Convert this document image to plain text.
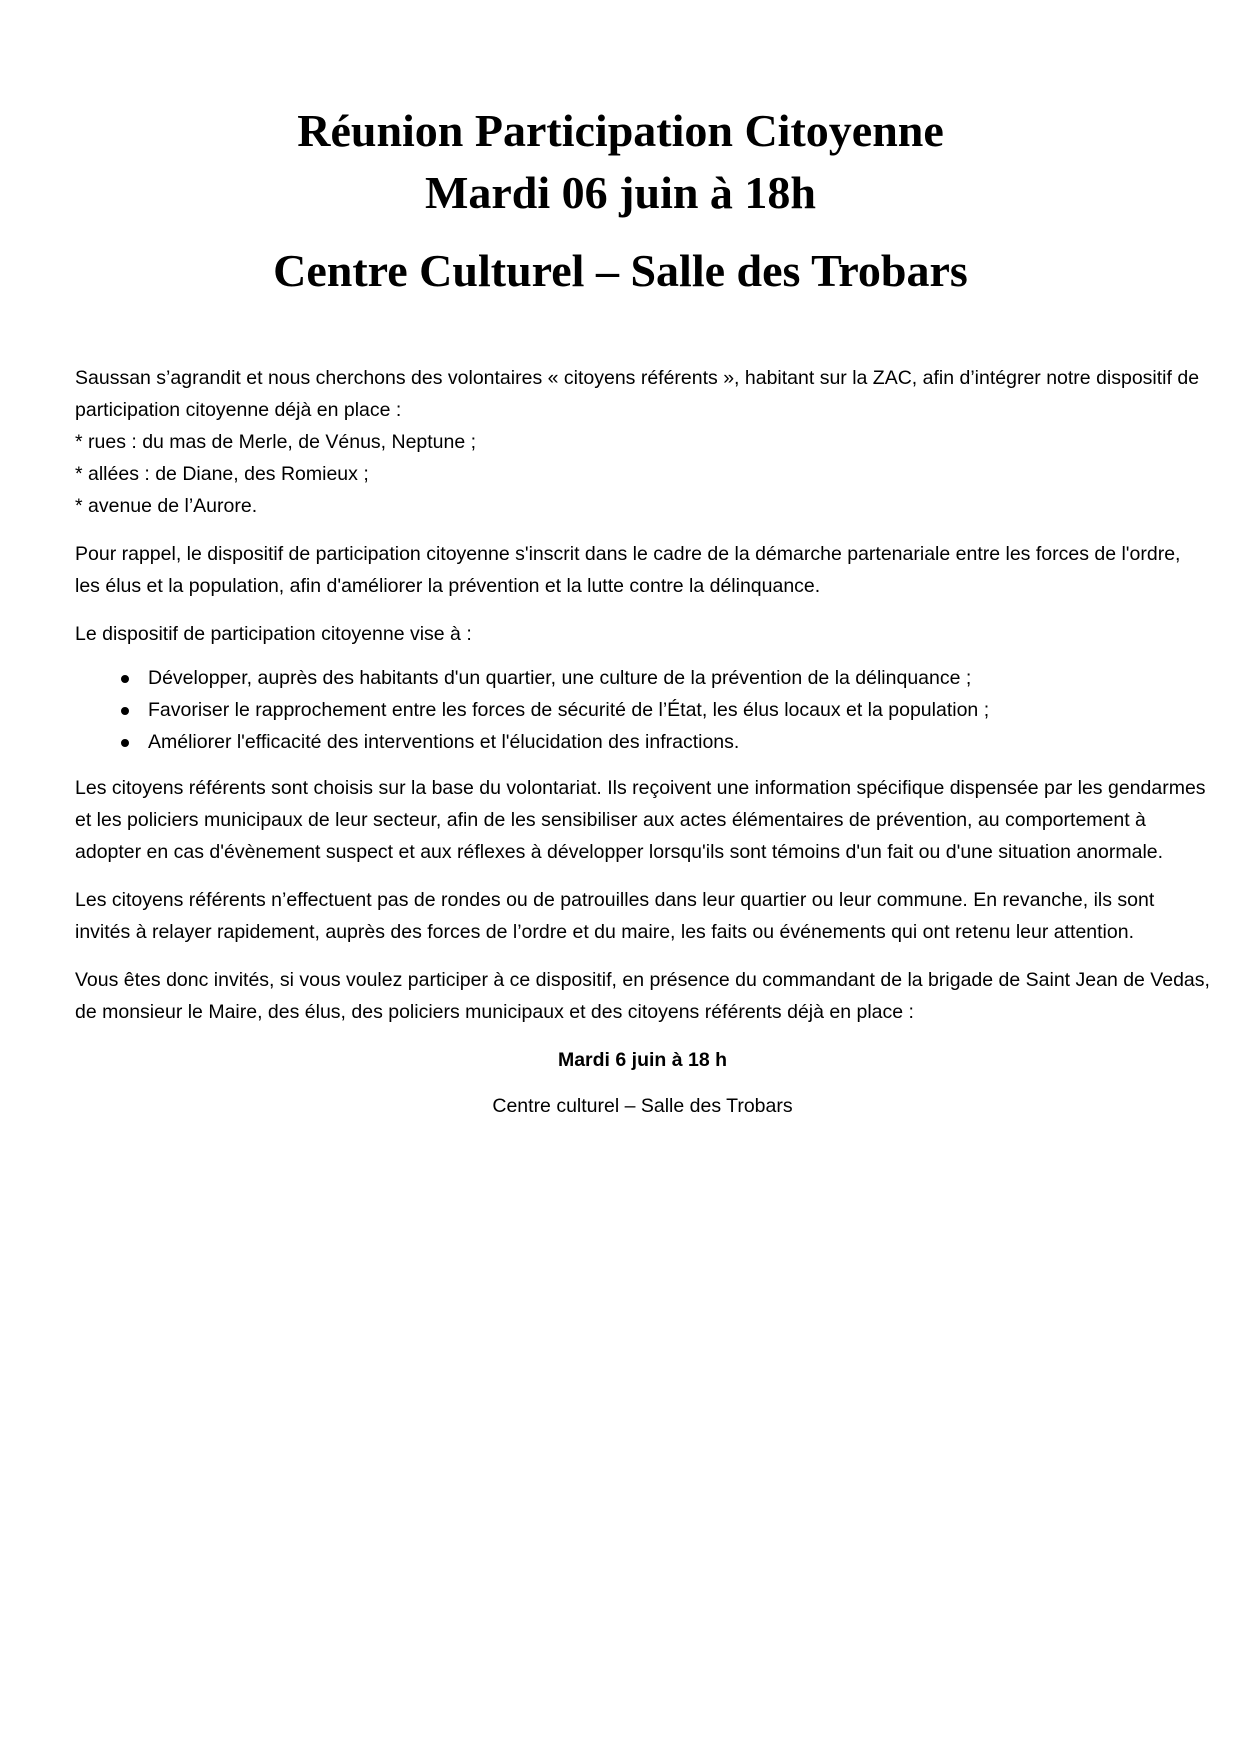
Réunion Participation Citoyenne
Mardi 06 juin à 18h
Centre Culturel – Salle des Trobars

Saussan s’agrandit et nous cherchons des volontaires « citoyens référents », habitant sur la ZAC, afin d’intégrer notre dispositif de participation citoyenne déjà en place :
* rues : du mas de Merle, de Vénus, Neptune ;
* allées : de Diane, des Romieux ;
* avenue de l’Aurore.

Pour rappel, le dispositif de participation citoyenne s'inscrit dans le cadre de la démarche partenariale entre les forces de l'ordre, les élus et la population, afin d'améliorer la prévention et la lutte contre la délinquance.

Le dispositif de participation citoyenne vise à :

Développer, auprès des habitants d'un quartier, une culture de la prévention de la délinquance ;
Favoriser le rapprochement entre les forces de sécurité de l’État, les élus locaux et la population ;
Améliorer l'efficacité des interventions et l'élucidation des infractions.

Les citoyens référents sont choisis sur la base du volontariat. Ils reçoivent une information spécifique dispensée par les gendarmes et les policiers municipaux de leur secteur, afin de les sensibiliser aux actes élémentaires de prévention, au comportement à adopter en cas d'évènement suspect et aux réflexes à développer lorsqu'ils sont témoins d'un fait ou d'une situation anormale.

Les citoyens référents n’effectuent pas de rondes ou de patrouilles dans leur quartier ou leur commune. En revanche, ils sont invités à relayer rapidement, auprès des forces de l’ordre et du maire, les faits ou événements qui ont retenu leur attention.

Vous êtes donc invités, si vous voulez participer à ce dispositif, en présence du commandant de la brigade de Saint Jean de Vedas, de monsieur le Maire, des élus, des policiers municipaux et des citoyens référents déjà en place :

Mardi 6 juin à 18 h
Centre culturel – Salle des Trobars
